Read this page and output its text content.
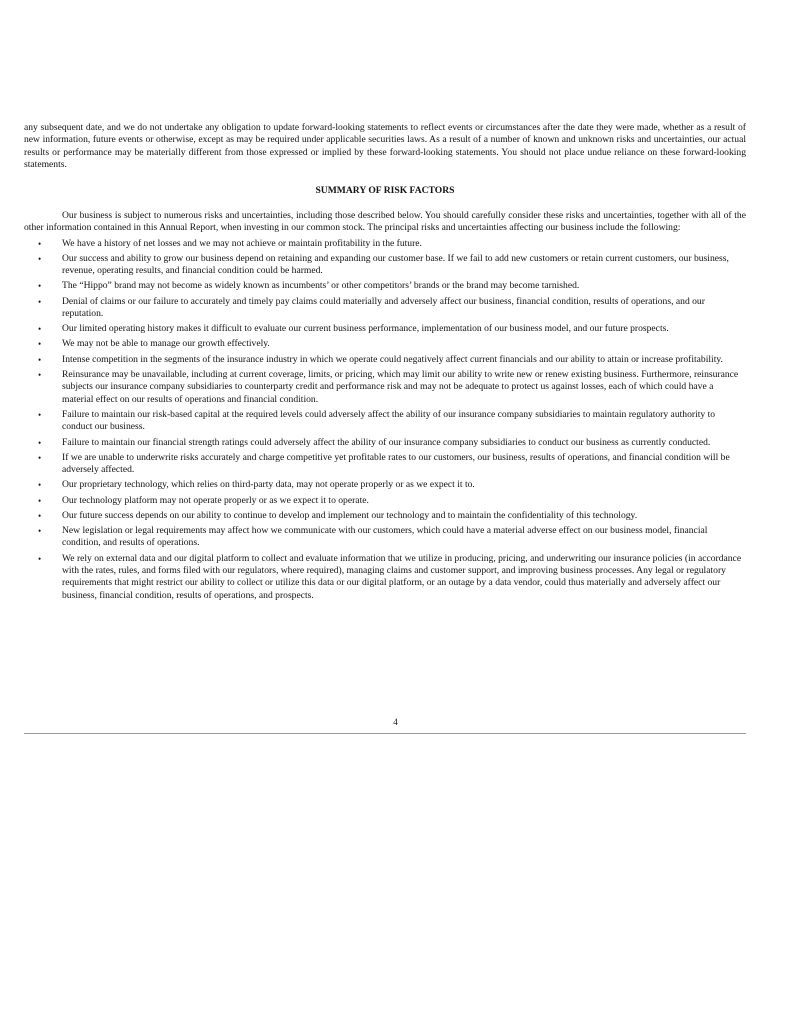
any subsequent date, and we do not undertake any obligation to update forward-looking statements to reflect events or circumstances after the date they were made, whether as a result of new information, future events or otherwise, except as may be required under applicable securities laws. As a result of a number of known and unknown risks and uncertainties, our actual results or performance may be materially different from those expressed or implied by these forward-looking statements. You should not place undue reliance on these forward-looking statements.

SUMMARY OF RISK FACTORS

Our business is subject to numerous risks and uncertainties, including those described below. You should carefully consider these risks and uncertainties, together with all of the other information contained in this Annual Report, when investing in our common stock. The principal risks and uncertainties affecting our business include the following:

• We have a history of net losses and we may not achieve or maintain profitability in the future.
• Our success and ability to grow our business depend on retaining and expanding our customer base. If we fail to add new customers or retain current customers, our business, revenue, operating results, and financial condition could be harmed.
• The “Hippo” brand may not become as widely known as incumbents’ or other competitors’ brands or the brand may become tarnished.
• Denial of claims or our failure to accurately and timely pay claims could materially and adversely affect our business, financial condition, results of operations, and our reputation.
• Our limited operating history makes it difficult to evaluate our current business performance, implementation of our business model, and our future prospects.
• We may not be able to manage our growth effectively.
• Intense competition in the segments of the insurance industry in which we operate could negatively affect current financials and our ability to attain or increase profitability.
• Reinsurance may be unavailable, including at current coverage, limits, or pricing, which may limit our ability to write new or renew existing business. Furthermore, reinsurance subjects our insurance company subsidiaries to counterparty credit and performance risk and may not be adequate to protect us against losses, each of which could have a material effect on our results of operations and financial condition.
• Failure to maintain our risk-based capital at the required levels could adversely affect the ability of our insurance company subsidiaries to maintain regulatory authority to conduct our business.
• Failure to maintain our financial strength ratings could adversely affect the ability of our insurance company subsidiaries to conduct our business as currently conducted.
• If we are unable to underwrite risks accurately and charge competitive yet profitable rates to our customers, our business, results of operations, and financial condition will be adversely affected.
• Our proprietary technology, which relies on third-party data, may not operate properly or as we expect it to.
• Our technology platform may not operate properly or as we expect it to operate.
• Our future success depends on our ability to continue to develop and implement our technology and to maintain the confidentiality of this technology.
• New legislation or legal requirements may affect how we communicate with our customers, which could have a material adverse effect on our business model, financial condition, and results of operations.
• We rely on external data and our digital platform to collect and evaluate information that we utilize in producing, pricing, and underwriting our insurance policies (in accordance with the rates, rules, and forms filed with our regulators, where required), managing claims and customer support, and improving business processes. Any legal or regulatory requirements that might restrict our ability to collect or utilize this data or our digital platform, or an outage by a data vendor, could thus materially and adversely affect our business, financial condition, results of operations, and prospects.
4
